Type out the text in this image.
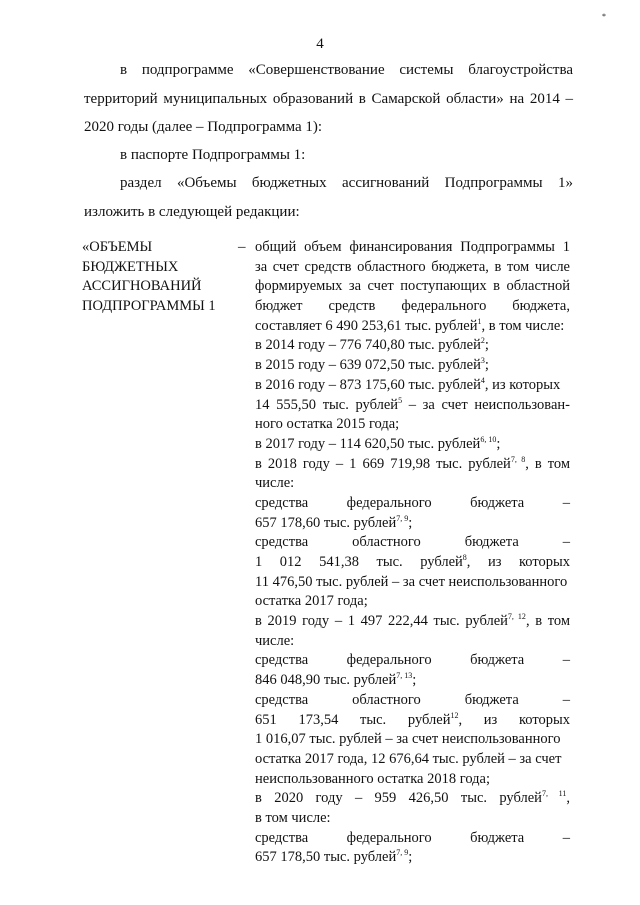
*
4
в подпрограмме «Совершенствование системы благоустройства
территорий муниципальных образований в Самарской области» на 2014 –
2020 годы (далее – Подпрограмма 1):
в паспорте Подпрограммы 1:
раздел «Объемы бюджетных ассигнований Подпрограммы 1»
изложить в следующей редакции:
«ОБЪЕМЫ
БЮДЖЕТНЫХ
АССИГНОВАНИЙ
ПОДПРОГРАММЫ 1
– общий объем финансирования Подпрограммы 1
за счет средств областного бюджета, в том числе
формируемых за счет поступающих в областной
бюджет средств федерального бюджета,
составляет 6 490 253,61 тыс. рублей$^1$, в том числе:
в 2014 году – 776 740,80 тыс. рублей$^2$;
в 2015 году – 639 072,50 тыс. рублей$^3$;
в 2016 году – 873 175,60 тыс. рублей$^4$, из которых
14 555,50 тыс. рублей$^5$ – за счет неиспользован-
ного остатка 2015 года;
в 2017 году – 114 620,50 тыс. рублей$^{6, 10}$;
в 2018 году – 1 669 719,98 тыс. рублей$^{7, 8}$, в том
числе:
средства федерального бюджета –
657 178,60 тыс. рублей$^{7, 9}$;
средства областного бюджета –
1 012 541,38 тыс. рублей$^8$, из которых
11 476,50 тыс. рублей – за счет неиспользованного
остатка 2017 года;
в 2019 году – 1 497 222,44 тыс. рублей$^{7, 12}$, в том
числе:
средства федерального бюджета –
846 048,90 тыс. рублей$^{7, 13}$;
средства областного бюджета –
651 173,54 тыс. рублей$^{12}$, из которых
1 016,07 тыс. рублей – за счет неиспользованного
остатка 2017 года, 12 676,64 тыс. рублей – за счет
неиспользованного остатка 2018 года;
в 2020 году – 959 426,50 тыс. рублей$^{7, 11}$,
в том числе:
средства федерального бюджета –
657 178,50 тыс. рублей$^{7, 9}$;
